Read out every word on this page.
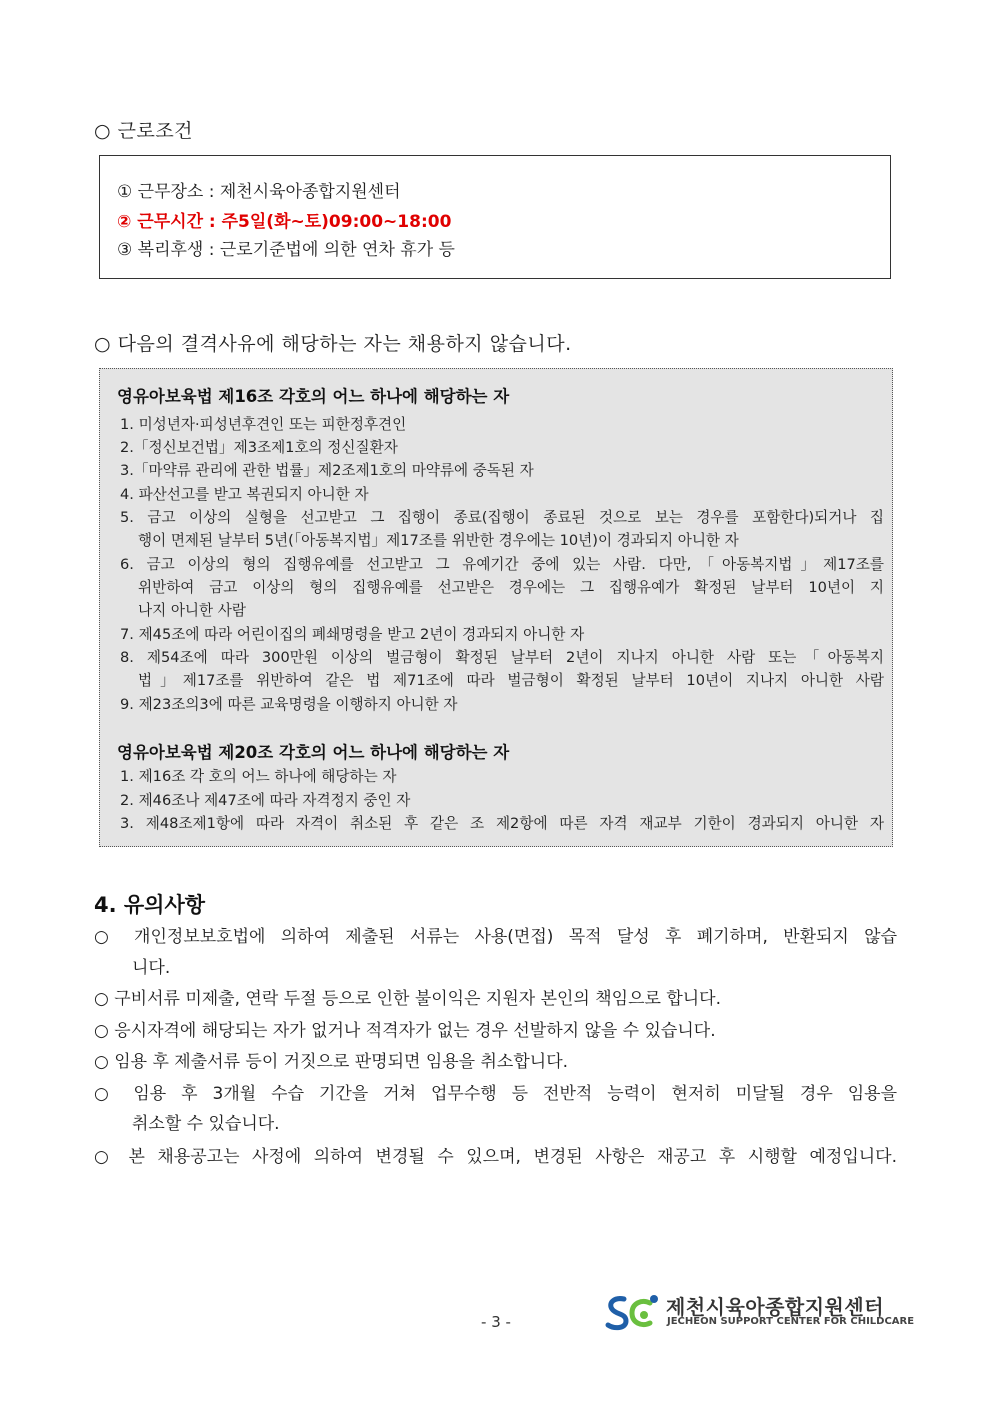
○ 근로조건
① 근무장소 : 제천시육아종합지원센터
② 근무시간 : 주5일(화~토)09:00~18:00
③ 복리후생 : 근로기준법에 의한 연차 휴가 등
○ 다음의 결격사유에 해당하는 자는 채용하지 않습니다.
영유아보육법 제16조 각호의 어느 하나에 해당하는 자
1. 미성년자·피성년후견인 또는 피한정후견인
2.「정신보건법」제3조제1호의 정신질환자
3.「마약류 관리에 관한 법률」제2조제1호의 마약류에 중독된 자
4. 파산선고를 받고 복권되지 아니한 자
5. 금고 이상의 실형을 선고받고 그 집행이 종료(집행이 종료된 것으로 보는 경우를 포함한다)되거나 집
행이 면제된 날부터 5년(「아동복지법」제17조를 위반한 경우에는 10년)이 경과되지 아니한 자
6. 금고 이상의 형의 집행유예를 선고받고 그 유예기간 중에 있는 사람. 다만,「아동복지법」제17조를
위반하여 금고 이상의 형의 집행유예를 선고받은 경우에는 그 집행유예가 확정된 날부터 10년이 지
나지 아니한 사람
7. 제45조에 따라 어린이집의 폐쇄명령을 받고 2년이 경과되지 아니한 자
8. 제54조에 따라 300만원 이상의 벌금형이 확정된 날부터 2년이 지나지 아니한 사람 또는「아동복지
법」제17조를 위반하여 같은 법 제71조에 따라 벌금형이 확정된 날부터 10년이 지나지 아니한 사람
9. 제23조의3에 따른 교육명령을 이행하지 아니한 자
영유아보육법 제20조 각호의 어느 하나에 해당하는 자
1. 제16조 각 호의 어느 하나에 해당하는 자
2. 제46조나 제47조에 따라 자격정지 중인 자
3. 제48조제1항에 따라 자격이 취소된 후 같은 조 제2항에 따른 자격 재교부 기한이 경과되지 아니한 자
4. 유의사항
○ 개인정보보호법에 의하여 제출된 서류는 사용(면접) 목적 달성 후 폐기하며, 반환되지 않습
니다.
○ 구비서류 미제출, 연락 두절 등으로 인한 불이익은 지원자 본인의 책임으로 합니다.
○ 응시자격에 해당되는 자가 없거나 적격자가 없는 경우 선발하지 않을 수 있습니다.
○ 임용 후 제출서류 등이 거짓으로 판명되면 임용을 취소합니다.
○ 임용 후 3개월 수습 기간을 거쳐 업무수행 등 전반적 능력이 현저히 미달될 경우 임용을
취소할 수 있습니다.
○ 본 채용공고는 사정에 의하여 변경될 수 있으며, 변경된 사항은 재공고 후 시행할 예정입니다.
- 3 -
제천시육아종합지원센터
JECHEON SUPPORT CENTER FOR CHILDCARE
